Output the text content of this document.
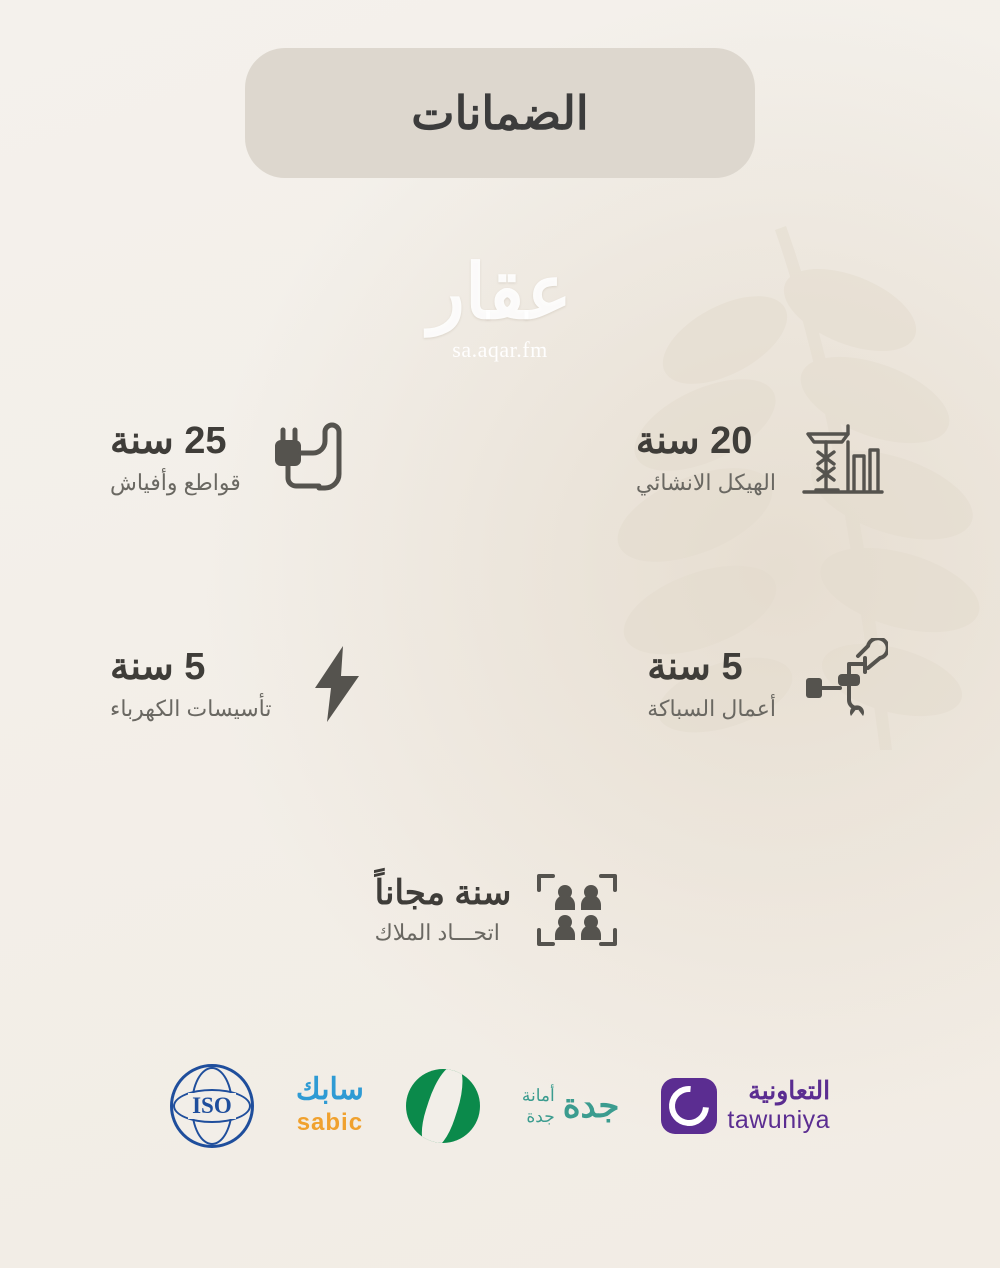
الضمانات
عقار
sa.aqar.fm
20 سنة
الهيكل الانشائي
25 سنة
قواطع وأفياش
5 سنة
أعمال السباكة
5 سنة
تأسيسات الكهرباء
سنة مجاناً
اتحـــاد الملاك
ISO سابك
sabic	جدة
أمانة
جدة
التعاونية
tawuniya
